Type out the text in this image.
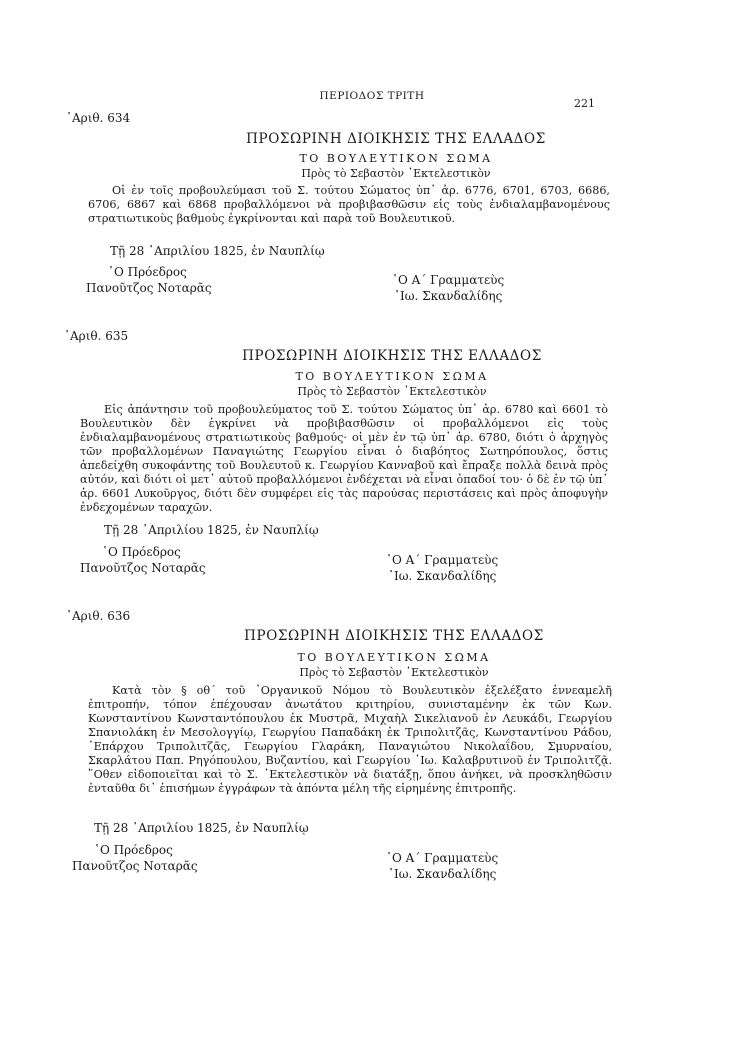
ΠΕΡΙΟΔΟΣ ΤΡΙΤΗ
221
᾿Αριθ. 634
ΠΡΟΣΩΡΙΝΗ ΔΙΟΙΚΗΣΙΣ ΤΗΣ ΕΛΛΑΔΟΣ
ΤΟ ΒΟΥΛΕΥΤΙΚΟΝ ΣΩΜΑ
Πρὸς τὸ Σεβαστὸν ᾿Εκτελεστικὸν

Οἱ ἐν τοῖς προβουλεύμασι τοῦ Σ. τούτου Σώματος ὑπ᾿ ἀρ. 6776, 6701, 6703, 6686, 6706, 6867 καὶ 6868 προβαλλόμενοι νὰ προβιβασθῶσιν εἰς τοὺς ἐνδιαλαμβανομένους στρατιωτικοὺς βαθμοὺς ἐγκρίνονται καὶ παρὰ τοῦ Βουλευτικοῦ.

Τῇ 28 ᾿Απριλίου 1825, ἐν Ναυπλίῳ
῾Ο Πρόεδρος
Πανοῦτζος Νοταρᾶς
῾Ο Α΄ Γραμματεὺς
᾿Ιω. Σκανδαλίδης
᾿Αριθ. 635
ΠΡΟΣΩΡΙΝΗ ΔΙΟΙΚΗΣΙΣ ΤΗΣ ΕΛΛΑΔΟΣ
ΤΟ ΒΟΥΛΕΥΤΙΚΟΝ ΣΩΜΑ
Πρὸς τὸ Σεβαστὸν ᾿Εκτελεστικὸν

Εἰς ἀπάντησιν τοῦ προβουλεύματος τοῦ Σ. τούτου Σώματος ὑπ᾿ ἀρ. 6780 καὶ 6601 τὸ Βουλευτικὸν δὲν ἐγκρίνει νὰ προβιβασθῶσιν οἱ προβαλλόμενοι εἰς τοὺς ἐνδιαλαμβανομένους στρατιωτικοὺς βαθμούς· οἱ μὲν ἐν τῷ ὑπ᾿ ἀρ. 6780, διότι ὁ ἀρχηγὸς τῶν προβαλλομένων Παναγιώτης Γεωργίου εἶναι ὁ διαβόητος Σωτηρόπουλος, ὅστις ἀπεδείχθη συκοφάντης τοῦ Βουλευτοῦ κ. Γεωργίου Κανναβοῦ καὶ ἔπραξε πολλὰ δεινὰ πρὸς αὐτόν, καὶ διότι οἱ μετ᾿ αὐτοῦ προβαλλόμενοι ἐνδέχεται νὰ εἶναι ὀπαδοί του· ὁ δὲ ἐν τῷ ὑπ᾿ ἀρ. 6601 Λυκοῦργος, διότι δὲν συμφέρει εἰς τὰς παρούσας περιστάσεις καὶ πρὸς ἀποφυγὴν ἐνδεχομένων ταραχῶν.

Τῇ 28 ᾿Απριλίου 1825, ἐν Ναυπλίῳ
῾Ο Πρόεδρος
Πανοῦτζος Νοταρᾶς
῾Ο Α΄ Γραμματεὺς
᾿Ιω. Σκανδαλίδης
᾿Αριθ. 636
ΠΡΟΣΩΡΙΝΗ ΔΙΟΙΚΗΣΙΣ ΤΗΣ ΕΛΛΑΔΟΣ
ΤΟ ΒΟΥΛΕΥΤΙΚΟΝ ΣΩΜΑ
Πρὸς τὸ Σεβαστὸν ᾿Εκτελεστικὸν

Κατὰ τὸν § οθ΄ τοῦ ᾿Οργανικοῦ Νόμου τὸ Βουλευτικὸν ἐξελέξατο ἐννεαμελῆ ἐπιτροπήν, τόπον ἐπέχουσαν ἀνωτάτου κριτηρίου, συνισταμένην ἐκ τῶν Κων. Κωνσταντίνου Κωνσταντόπουλου ἐκ Μυστρᾶ, Μιχαὴλ Σικελιανοῦ ἐν Λευκάδι, Γεωργίου Σπανιολάκη ἐν Μεσολογγίῳ, Γεωργίου Παπαδάκη ἐκ Τριπολιτζᾶς, Κωνσταντίνου Ράδου, ᾿Επάρχου Τριπολιτζᾶς, Γεωργίου Γλαράκη, Παναγιώτου Νικολαΐδου, Σμυρναίου, Σκαρλάτου Παπ. Ρηγόπουλου, Βυζαντίου, καὶ Γεωργίου ᾿Ιω. Καλαβρυτινοῦ ἐν Τριπολιτζᾷ. ῞Οθεν εἰδοποιεῖται καὶ τὸ Σ. ᾿Εκτελεστικὸν νὰ διατάξῃ, ὅπου ἀνήκει, νὰ προσκληθῶσιν ἐνταῦθα δι᾿ ἐπισήμων ἐγγράφων τὰ ἀπόντα μέλη τῆς εἰρημένης ἐπιτροπῆς.

Τῇ 28 ᾿Απριλίου 1825, ἐν Ναυπλίῳ
῾Ο Πρόεδρος
Πανοῦτζος Νοταρᾶς
῾Ο Α΄ Γραμματεὺς
᾿Ιω. Σκανδαλίδης
